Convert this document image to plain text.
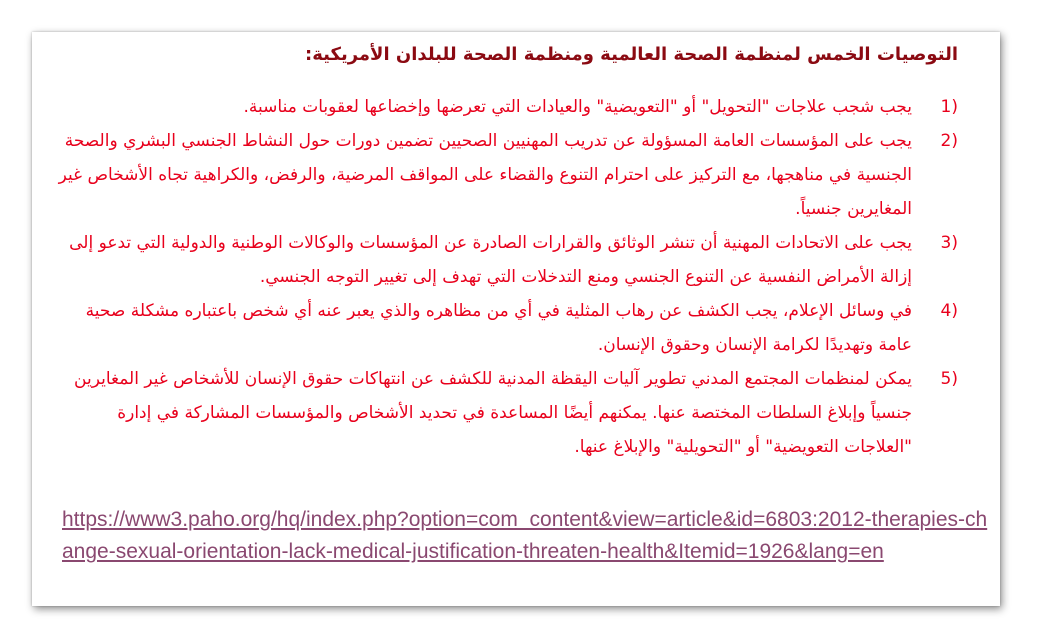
التوصيات الخمس لمنظمة الصحة العالمية ومنظمة الصحة للبلدان الأمريكية:
1)
يجب شجب علاجات "التحويل" أو "التعويضية" والعيادات التي تعرضها وإخضاعها لعقوبات مناسبة.
2)
يجب على المؤسسات العامة المسؤولة عن تدريب المهنيين الصحيين تضمين دورات حول النشاط الجنسي البشري والصحة الجنسية في مناهجها، مع التركيز على احترام التنوع والقضاء على المواقف المرضية، والرفض، والكراهية تجاه الأشخاص غير المغايرين جنسياً.
3)
يجب على الاتحادات المهنية أن تنشر الوثائق والقرارات الصادرة عن المؤسسات والوكالات الوطنية والدولية التي تدعو إلى إزالة الأمراض النفسية عن التنوع الجنسي ومنع التدخلات التي تهدف إلى تغيير التوجه الجنسي.
4)
في وسائل الإعلام، يجب الكشف عن رهاب المثلية في أي من مظاهره والذي يعبر عنه أي شخص باعتباره مشكلة صحية عامة وتهديدًا لكرامة الإنسان وحقوق الإنسان.
5)
يمكن لمنظمات المجتمع المدني تطوير آليات اليقظة المدنية للكشف عن انتهاكات حقوق الإنسان للأشخاص غير المغايرين جنسياً وإبلاغ السلطات المختصة عنها. يمكنهم أيضًا المساعدة في تحديد الأشخاص والمؤسسات المشاركة في إدارة "العلاجات التعويضية" أو "التحويلية" والإبلاغ عنها.
https://www3.paho.org/hq/index.php?option=com_content&view=article&id=6803:2012-therapies-change-sexual-orientation-lack-medical-justification-threaten-health&Itemid=1926&lang=en
